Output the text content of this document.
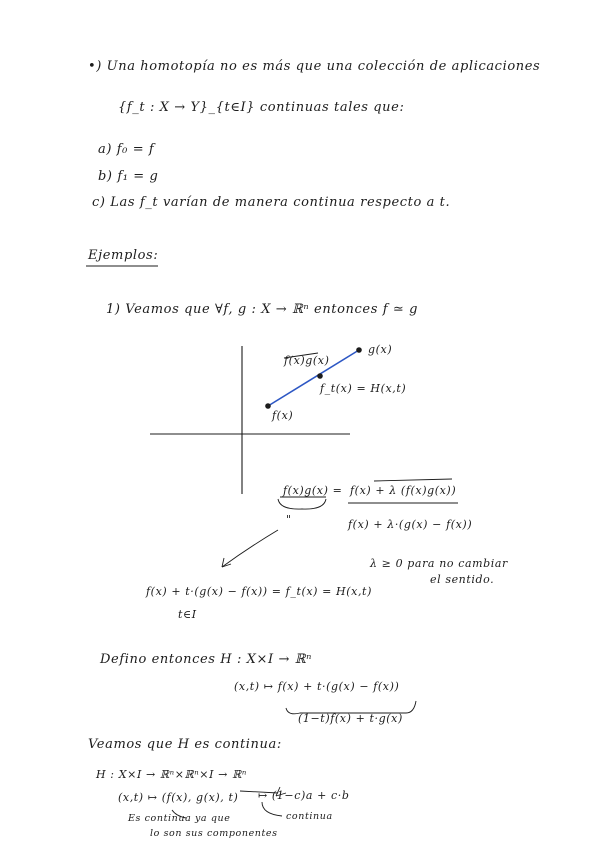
•) Una homotopía no es más que una colección de aplicaciones
{f_t : X → Y}_{t∈I} continuas tales que:
a) f₀ = f
b) f₁ = g
c) Las f_t varían de manera continua respecto a t.
Ejemplos:
1) Veamos que ∀f, g : X → ℝⁿ entonces f ≃ g
f(x)g(x)
g(x)
f_t(x) = H(x,t)
f(x)
f(x)g(x) = f(x) + λ (f(x)g(x))
f(x) + λ·(g(x) − f(x))
"
λ ≥ 0 para no cambiar
el sentido.
f(x) + t·(g(x) − f(x)) = f_t(x) = H(x,t)
t∈I
Defino entonces H : X×I → ℝⁿ
(x,t) ↦ f(x) + t·(g(x) − f(x))
(1−t)f(x) + t·g(x)
Veamos que H es continua:
H : X×I → ℝⁿ×ℝⁿ×I → ℝⁿ
(x,t) ↦ (f(x), g(x), t) ↦ (1−c)a + c·b
Es continua ya que
lo son sus componentes
continua
